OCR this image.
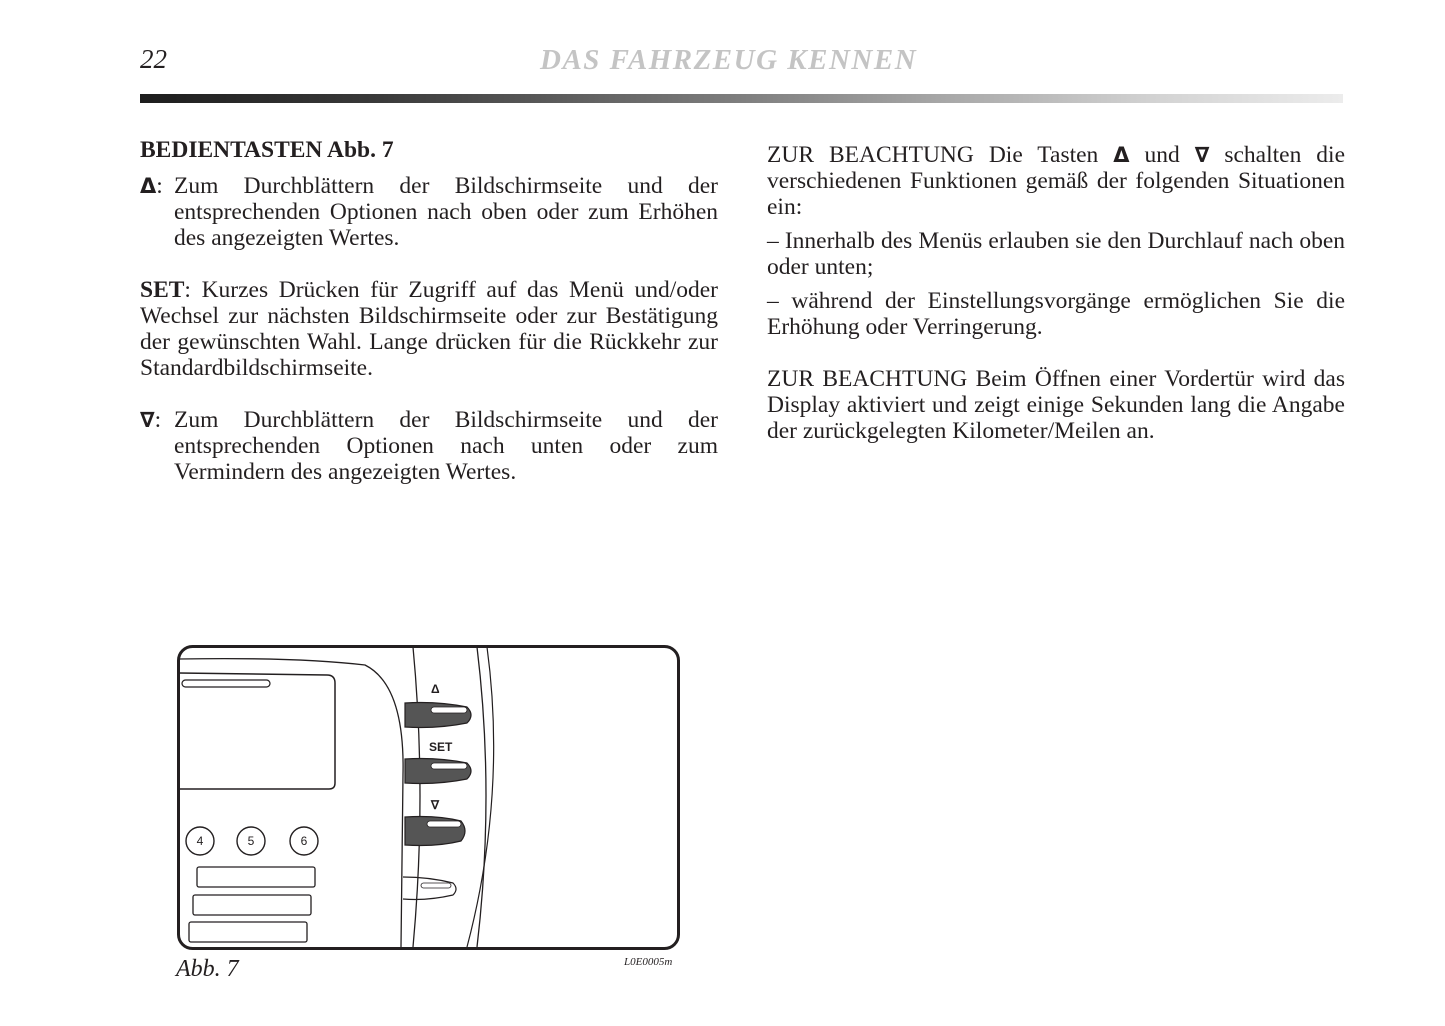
22	DAS FAHRZEUG KENNEN
BEDIENTASTEN Abb. 7
Δ: Zum Durchblättern der Bildschirmseite und der entsprechenden Optionen nach oben oder zum Erhöhen des angezeigten Wertes.

SET: Kurzes Drücken für Zugriff auf das Menü und/oder Wechsel zur nächsten Bildschirmseite oder zur Bestätigung der gewünschten Wahl. Lange drücken für die Rückkehr zur Standardbildschirmseite.

∇: Zum Durchblättern der Bildschirmseite und der entsprechenden Optionen nach unten oder zum Vermindern des angezeigten Wertes.

ZUR BEACHTUNG Die Tasten Δ und ∇ schalten die verschiedenen Funktionen gemäß der folgenden Situationen ein:

– Innerhalb des Menüs erlauben sie den Durchlauf nach oben oder unten;

– während der Einstellungsvorgänge ermöglichen Sie die Erhöhung oder Verringerung.

ZUR BEACHTUNG Beim Öffnen einer Vordertür wird das Display aktiviert und zeigt einige Sekunden lang die Angabe der zurückgelegten Kilometer/Meilen an.

4	5	6
Δ
SET
∇
Abb. 7	L0E0005m
